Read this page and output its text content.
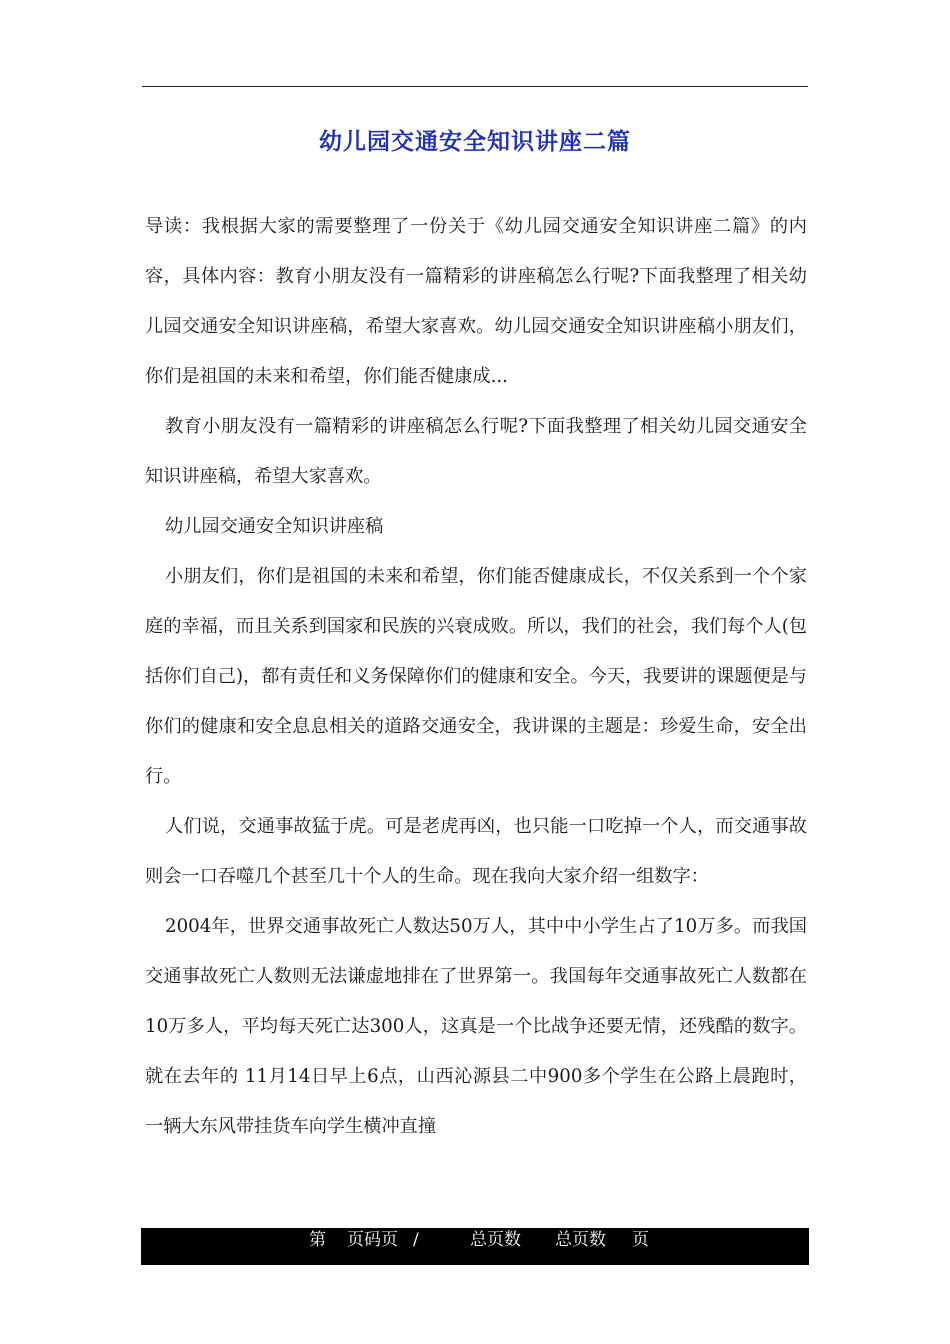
幼儿园交通安全知识讲座二篇

导读：我根据大家的需要整理了一份关于《幼儿园交通安全知识讲座二篇》的内容，具体内容：教育小朋友没有一篇精彩的讲座稿怎么行呢?下面我整理了相关幼儿园交通安全知识讲座稿，希望大家喜欢。幼儿园交通安全知识讲座稿小朋友们，你们是祖国的未来和希望，你们能否健康成...

教育小朋友没有一篇精彩的讲座稿怎么行呢?下面我整理了相关幼儿园交通安全知识讲座稿，希望大家喜欢。

幼儿园交通安全知识讲座稿

小朋友们，你们是祖国的未来和希望，你们能否健康成长，不仅关系到一个个家庭的幸福，而且关系到国家和民族的兴衰成败。所以，我们的社会，我们每个人(包括你们自己)，都有责任和义务保障你们的健康和安全。今天，我要讲的课题便是与你们的健康和安全息息相关的道路交通安全，我讲课的主题是：珍爱生命，安全出行。

人们说，交通事故猛于虎。可是老虎再凶，也只能一口吃掉一个人，而交通事故则会一口吞噬几个甚至几十个人的生命。现在我向大家介绍一组数字：

2004年，世界交通事故死亡人数达50万人，其中中小学生占了10万多。而我国交通事故死亡人数则无法谦虚地排在了世界第一。我国每年交通事故死亡人数都在10万多人，平均每天死亡达300人，这真是一个比战争还要无情，还残酷的数字。就在去年的 11月14日早上6点，山西沁源县二中900多个学生在公路上晨跑时，一辆大东风带挂货车向学生横冲直撞

第 页码页 /	总页数 总页数 页
